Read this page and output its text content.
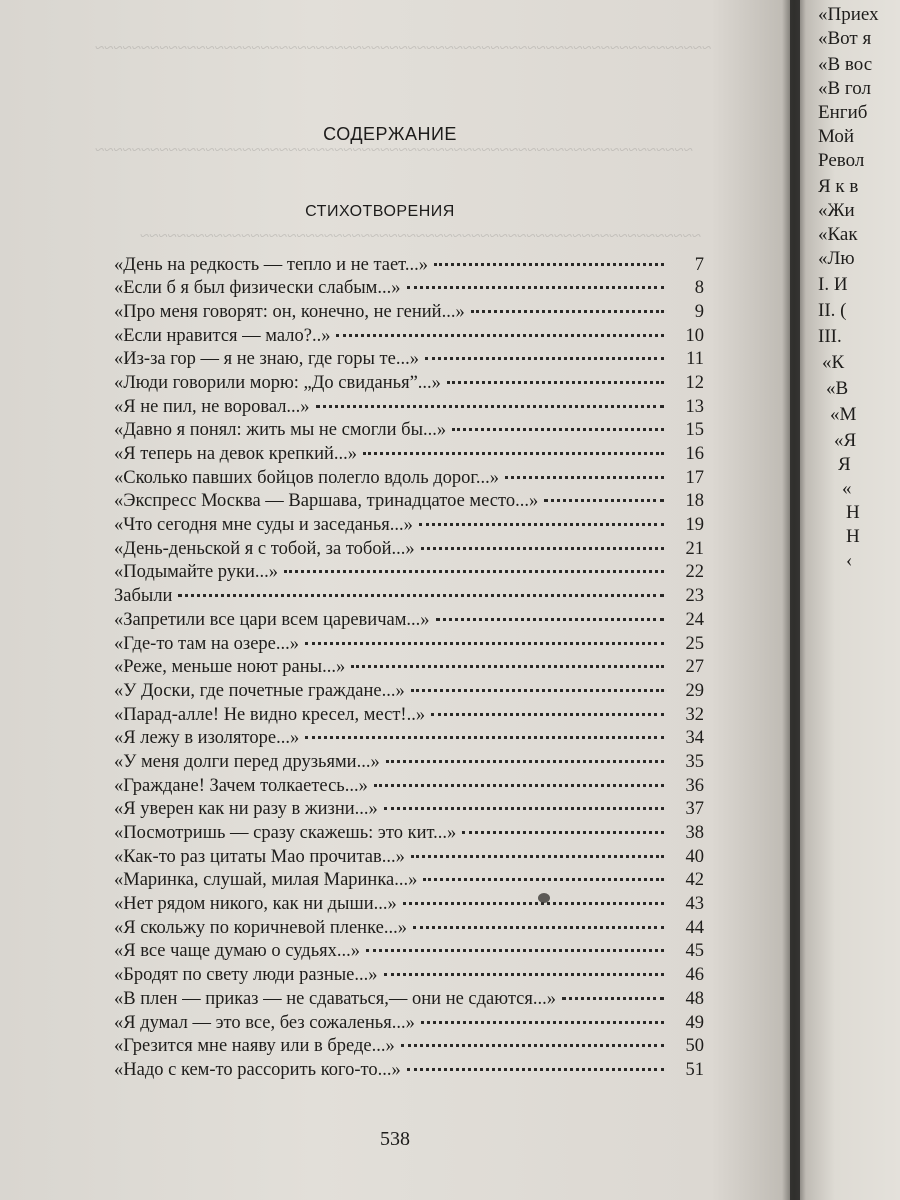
~~~~~~~~~~~~~~~~~~~~~~~~~~~~~~~~~~~~~~~~~~~~~~~~~~~~~~~~~~~~~~~~~~~
~~~~~~~~~~~~~~~~~~~~~~~~~~~~~~~~~~~~~~~~~~~~~~~~~~~~~~~~~~~~~~~~~
~~~~~~~~~~~~~~~~~~~~~~~~~~~~~~~~~~~~~~~~~~~~~~~~~~~~~~~~~~~~~
СОДЕРЖАНИЕ
СТИХОТВОРЕНИЯ
«День на редкость — тепло и не тает...»	7
«Если б я был физически слабым...»	8
«Про меня говорят: он, конечно, не гений...»	9
«Если нравится — мало?..»	10
«Из-за гор — я не знаю, где горы те...»	11
«Люди говорили морю: „До свиданья”...»	12
«Я не пил, не воровал...»	13
«Давно я понял: жить мы не смогли бы...»	15
«Я теперь на девок крепкий...»	16
«Сколько павших бойцов полегло вдоль дорог...»	17
«Экспресс Москва — Варшава, тринадцатое место...»	18
«Что сегодня мне суды и заседанья...»	19
«День-деньской я с тобой, за тобой...»	21
«Подымайте руки...»	22
Забыли	23
«Запретили все цари всем царевичам...»	24
«Где-то там на озере...»	25
«Реже, меньше ноют раны...»	27
«У Доски, где почетные граждане...»	29
«Парад-алле! Не видно кресел, мест!..»	32
«Я лежу в изоляторе...»	34
«У меня долги перед друзьями...»	35
«Граждане! Зачем толкаетесь...»	36
«Я уверен как ни разу в жизни...»	37
«Посмотришь — сразу скажешь: это кит...»	38
«Как-то раз цитаты Мао прочитав...»	40
«Маринка, слушай, милая Маринка...»	42
«Нет рядом никого, как ни дыши...»	43
«Я скольжу по коричневой пленке...»	44
«Я все чаще думаю о судьях...»	45
«Бродят по свету люди разные...»	46
«В плен — приказ — не сдаваться,— они не сдаются...»	48
«Я думал — это все, без сожаленья...»	49
«Грезится мне наяву или в бреде...»	50
«Надо с кем-то рассорить кого-то...»	51
538
«Приех
«Вот я
«В вос
«В гол
Енгиб
Мой
Револ
Я к в
«Жи
«Как
«Лю
I. И
II. (
III.
«К
«В
«М
«Я
Я
«
Н
Н
‹
